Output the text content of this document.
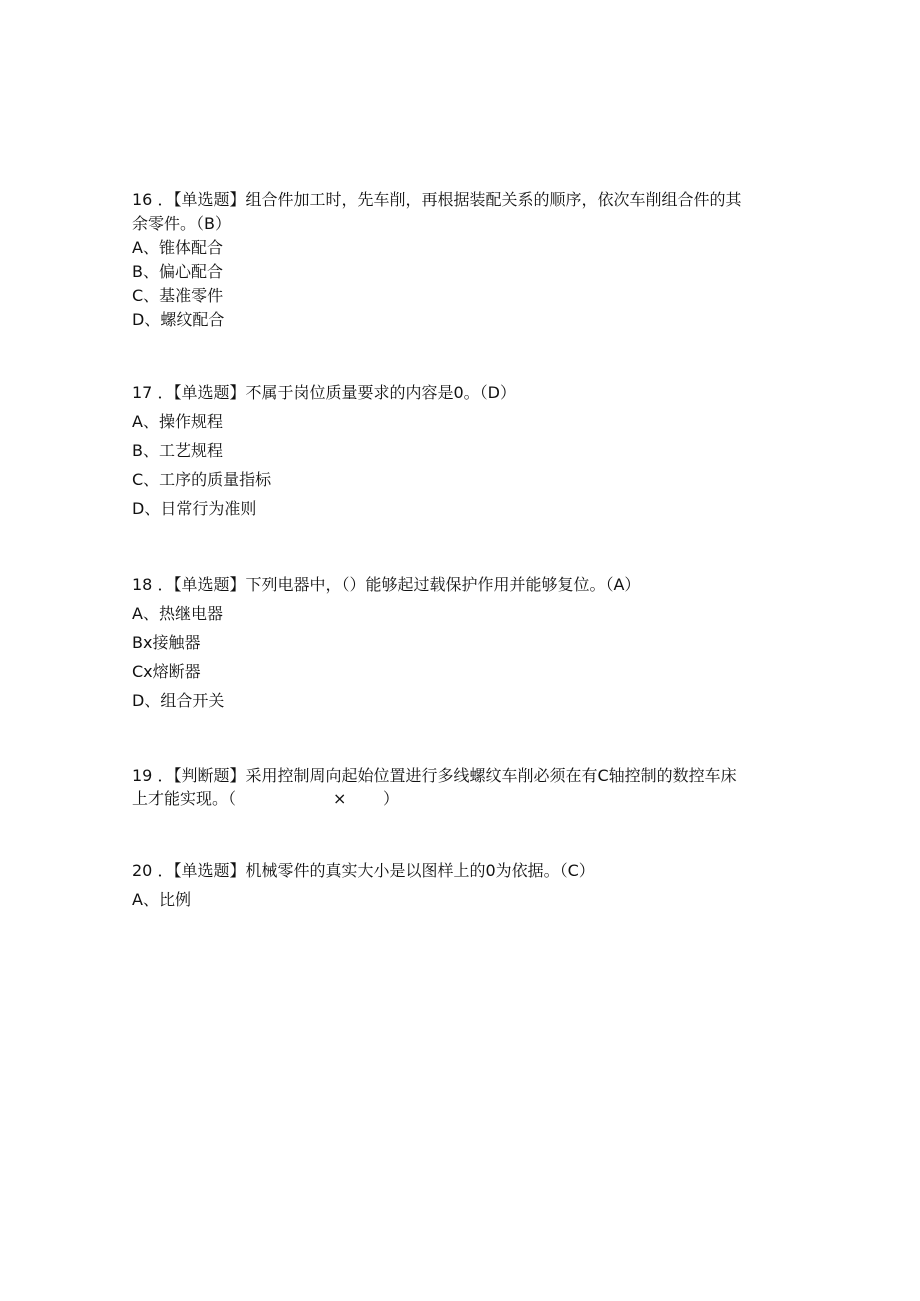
16 ．【单选题】组合件加工时，先车削，再根据装配关系的顺序，依次车削组合件的其
余零件。（B）
A、锥体配合
B、偏心配合
C、基准零件
D、螺纹配合
17 ．【单选题】不属于岗位质量要求的内容是0。（D）
A、操作规程
B、工艺规程
C、工序的质量指标
D、日常行为准则
18 ．【单选题】下列电器中，（）能够起过载保护作用并能够复位。（A）
A、热继电器
Bx接触器
Cx熔断器
D、组合开关
19 ．【判断题】采用控制周向起始位置进行多线螺纹车削必须在有C轴控制的数控车床
上才能实现。（	× ）
20 ．【单选题】机械零件的真实大小是以图样上的0为依据。（C）
A、比例
